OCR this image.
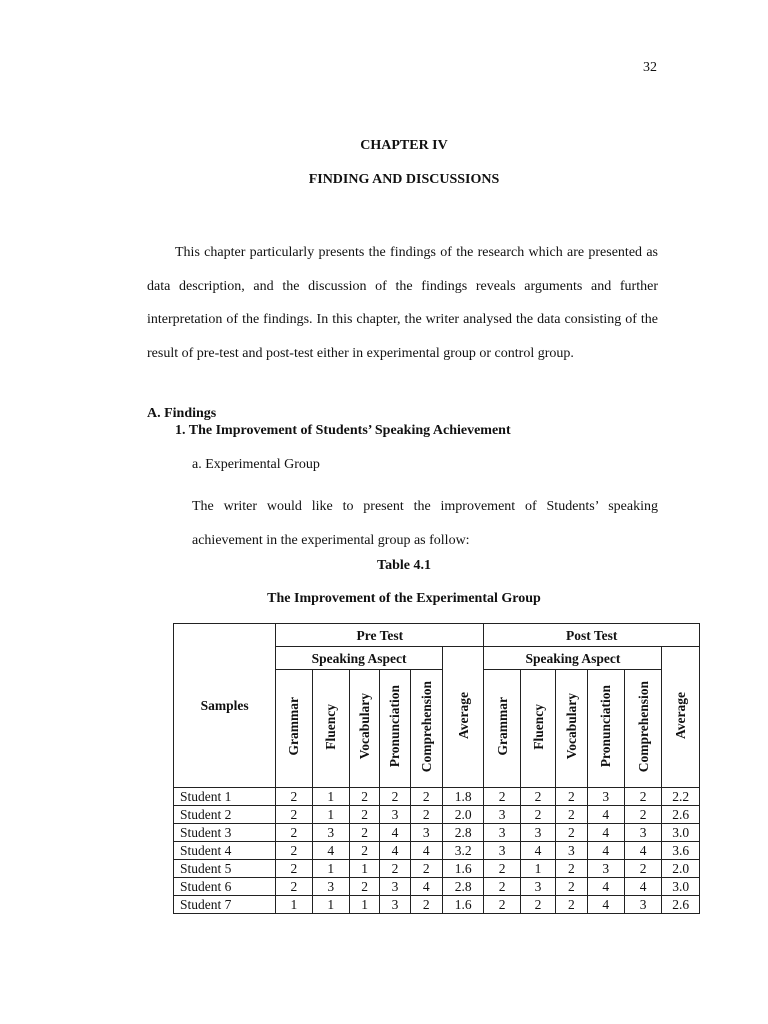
32
CHAPTER IV
FINDING AND DISCUSSIONS

This chapter particularly presents the findings of the research which are presented as data description, and the discussion of the findings reveals arguments and further interpretation of the findings. In this chapter, the writer analysed the data consisting of the result of pre-test and post-test either in experimental group or control group.

A. Findings
1. The Improvement of Students’ Speaking Achievement
a. Experimental Group

The writer would like to present the improvement of Students’ speaking achievement in the experimental group as follow:

Table 4.1
The Improvement of the Experimental Group
Samples	Pre Test						Post Test					
	Speaking Aspect					Average	Speaking Aspect					Average
	Grammar	Fluency	Vocabulary	Pronunciation	Comprehension		Grammar	Fluency	Vocabulary	Pronunciation	Comprehension	
Student 1	2	1	2	2	2	1.8	2	2	2	3	2	2.2
Student 2	2	1	2	3	2	2.0	3	2	2	4	2	2.6
Student 3	2	3	2	4	3	2.8	3	3	2	4	3	3.0
Student 4	2	4	2	4	4	3.2	3	4	3	4	4	3.6
Student 5	2	1	1	2	2	1.6	2	1	2	3	2	2.0
Student 6	2	3	2	3	4	2.8	2	3	2	4	4	3.0
Student 7	1	1	1	3	2	1.6	2	2	2	4	3	2.6
